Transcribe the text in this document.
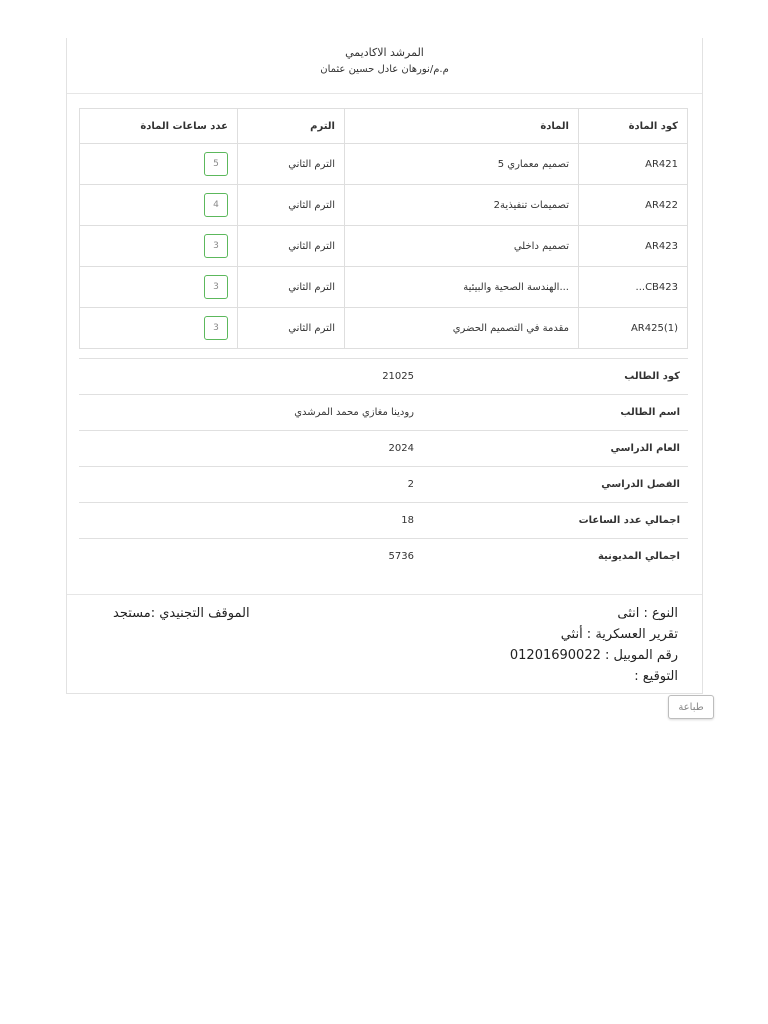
المرشد الاكاديمي
م.م/نورهان عادل حسين عثمان
كود المادة	المادة	الترم	عدد ساعات المادة
AR421	تصميم معماري 5	الترم الثاني	5
AR422	تصميمات تنفيذية2	الترم الثاني	4
AR423	تصميم داخلي	الترم الثاني	3
CB423...	...الهندسة الصحية والبيئية	الترم الثاني	3
AR425(1)	مقدمة في التصميم الحضري	الترم الثاني	3
كود الطالب	21025
اسم الطالب	رودينا مغازي محمد المرشدي
العام الدراسي	2024
الفصل الدراسي	2
اجمالي عدد الساعات	18
اجمالي المديونية	5736
النوع : انثى
تقرير العسكرية : أنثي
رقم الموبيل : 01201690022
التوقيع :
الموقف التجنيدي :مستجد
طباعة
